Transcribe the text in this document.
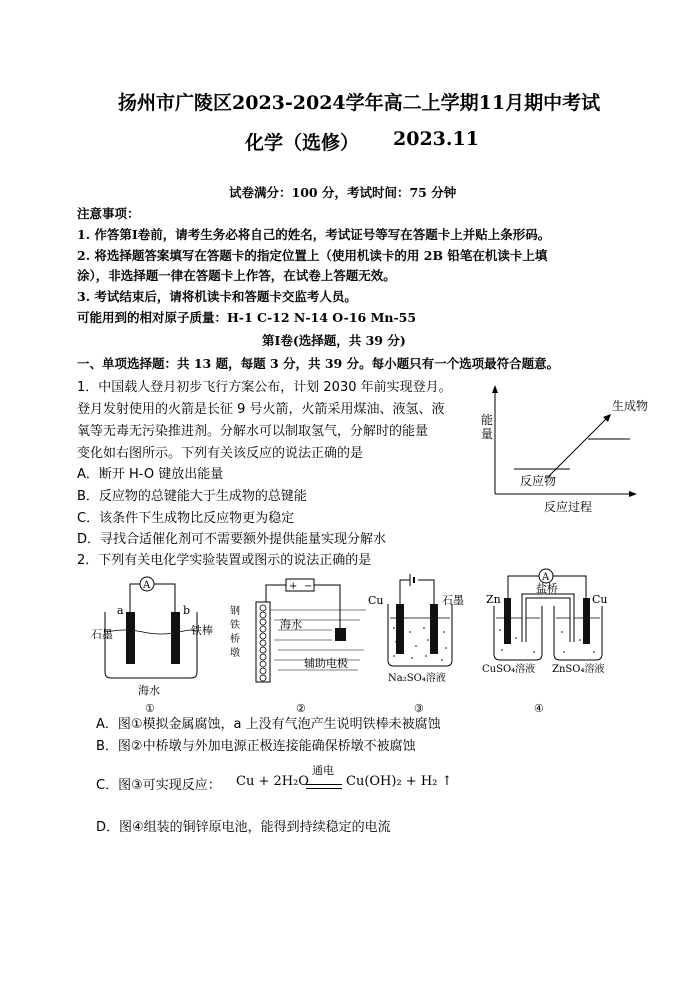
扬州市广陵区2023-2024学年高二上学期11月期中考试
化学（选修） 2023.11
试卷满分：100 分，考试时间：75 分钟
注意事项：
1. 作答第Ⅰ卷前，请考生务必将自己的姓名，考试证号等写在答题卡上并贴上条形码。
2. 将选择题答案填写在答题卡的指定位置上（使用机读卡的用 2B 铅笔在机读卡上填
涂），非选择题一律在答题卡上作答，在试卷上答题无效。
3. 考试结束后，请将机读卡和答题卡交监考人员。
可能用到的相对原子质量：H-1 C-12 N-14 O-16 Mn-55
第Ⅰ卷(选择题，共 39 分)
一、单项选择题：共 13 题，每题 3 分，共 39 分。每小题只有一个选项最符合题意。
1．中国载人登月初步飞行方案公布，计划 2030 年前实现登月。
登月发射使用的火箭是长征 9 号火箭，火箭采用煤油、液氢、液
氧等无毒无污染推进剂。分解水可以制取氢气，分解时的能量
变化如右图所示。下列有关该反应的说法正确的是
A．断开 H-O 键放出能量
B．反应物的总键能大于生成物的总键能
C．该条件下生成物比反应物更为稳定
D．寻找合适催化剂可不需要额外提供能量实现分解水
能
量
生成物
反应物
反应过程
2．下列有关电化学实验装置或图示的说法正确的是
A
a	b
石墨	铁棒
海水
①
+ −
钢
铁
桥
墩
海水
辅助电极
②
Cu	石墨
Na₂SO₄溶液
③
A
Zn	Cu
盐桥
CuSO₄溶液 ZnSO₄溶液
④
A．图①模拟金属腐蚀，a 上没有气泡产生说明铁棒未被腐蚀
B．图②中桥墩与外加电源正极连接能确保桥墩不被腐蚀
C．图③可实现反应： Cu + 2H₂O
通电
Cu(OH)₂ + H₂ ↑
D．图④组装的铜锌原电池，能得到持续稳定的电流
